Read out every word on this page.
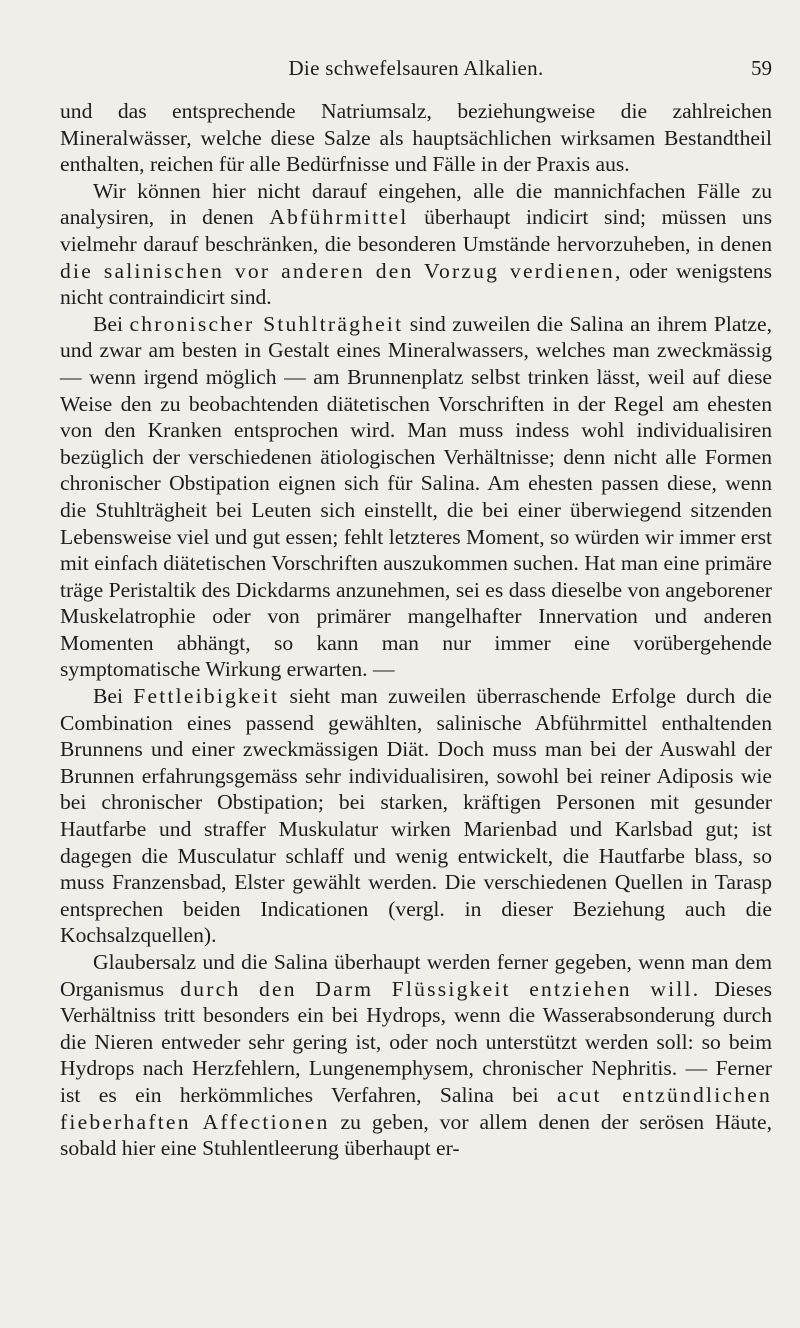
Die schwefelsauren Alkalien.	59

und das entsprechende Natriumsalz, beziehungweise die zahlreichen Mineralwässer, welche diese Salze als hauptsächlichen wirksamen Bestandtheil enthalten, reichen für alle Bedürfnisse und Fälle in der Praxis aus.

Wir können hier nicht darauf eingehen, alle die mannichfachen Fälle zu analysiren, in denen Abführmittel überhaupt indicirt sind; müssen uns vielmehr darauf beschränken, die besonderen Umstände hervorzuheben, in denen die salinischen vor anderen den Vorzug verdienen, oder wenigstens nicht contraindicirt sind.

Bei chronischer Stuhlträgheit sind zuweilen die Salina an ihrem Platze, und zwar am besten in Gestalt eines Mineralwassers, welches man zweckmässig — wenn irgend möglich — am Brunnenplatz selbst trinken lässt, weil auf diese Weise den zu beobachtenden diätetischen Vorschriften in der Regel am ehesten von den Kranken entsprochen wird. Man muss indess wohl individualisiren bezüglich der verschiedenen ätiologischen Verhältnisse; denn nicht alle Formen chronischer Obstipation eignen sich für Salina. Am ehesten passen diese, wenn die Stuhlträgheit bei Leuten sich einstellt, die bei einer überwiegend sitzenden Lebensweise viel und gut essen; fehlt letzteres Moment, so würden wir immer erst mit einfach diätetischen Vorschriften auszukommen suchen. Hat man eine primäre träge Peristaltik des Dickdarms anzunehmen, sei es dass dieselbe von angeborener Muskelatrophie oder von primärer mangelhafter Innervation und anderen Momenten abhängt, so kann man nur immer eine vorübergehende symptomatische Wirkung erwarten. —

Bei Fettleibigkeit sieht man zuweilen überraschende Erfolge durch die Combination eines passend gewählten, salinische Abführmittel enthaltenden Brunnens und einer zweckmässigen Diät. Doch muss man bei der Auswahl der Brunnen erfahrungsgemäss sehr individualisiren, sowohl bei reiner Adiposis wie bei chronischer Obstipation; bei starken, kräftigen Personen mit gesunder Hautfarbe und straffer Muskulatur wirken Marienbad und Karlsbad gut; ist dagegen die Musculatur schlaff und wenig entwickelt, die Hautfarbe blass, so muss Franzensbad, Elster gewählt werden. Die verschiedenen Quellen in Tarasp entsprechen beiden Indicationen (vergl. in dieser Beziehung auch die Kochsalzquellen).

Glaubersalz und die Salina überhaupt werden ferner gegeben, wenn man dem Organismus durch den Darm Flüssigkeit entziehen will. Dieses Verhältniss tritt besonders ein bei Hydrops, wenn die Wasserabsonderung durch die Nieren entweder sehr gering ist, oder noch unterstützt werden soll: so beim Hydrops nach Herzfehlern, Lungenemphysem, chronischer Nephritis. — Ferner ist es ein herkömmliches Verfahren, Salina bei acut entzündlichen fieberhaften Affectionen zu geben, vor allem denen der serösen Häute, sobald hier eine Stuhlentleerung überhaupt er-
